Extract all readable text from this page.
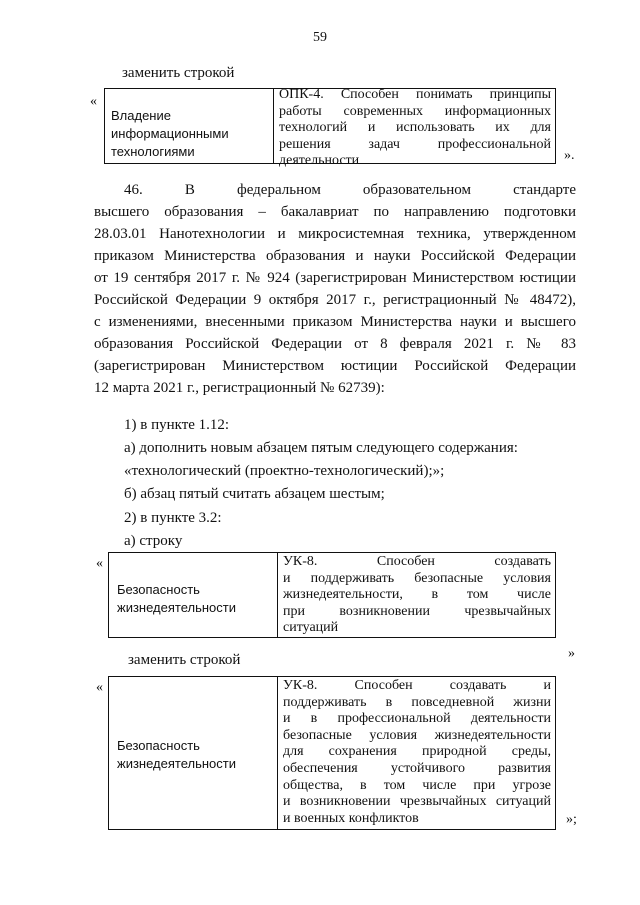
59
заменить строкой
«
Владение
информационными
технологиями
ОПК-4. Способен понимать принципы
работы современных информационных
технологий и использовать их для
решения задач профессиональной
деятельности	».
46. В федеральном образовательном стандарте
высшего образования – бакалавриат по направлению подготовки
28.03.01 Нанотехнологии и микросистемная техника, утвержденном
приказом Министерства образования и науки Российской Федерации
от 19 сентября 2017 г. № 924 (зарегистрирован Министерством юстиции
Российской Федерации 9 октября 2017 г., регистрационный № 48472),
с изменениями, внесенными приказом Министерства науки и высшего
образования Российской Федерации от 8 февраля 2021 г. № 83
(зарегистрирован Министерством юстиции Российской Федерации
12 марта 2021 г., регистрационный № 62739):
1) в пункте 1.12:
а) дополнить новым абзацем пятым следующего содержания:
«технологический (проектно-технологический);»;
б) абзац пятый считать абзацем шестым;
2) в пункте 3.2:
а) строку
«
Безопасность
жизнедеятельности
УК-8. Способен создавать
и поддерживать безопасные условия
жизнедеятельности, в том числе
при возникновении чрезвычайных
ситуаций
»
заменить строкой
«
Безопасность
жизнедеятельности
УК-8. Способен создавать и
поддерживать в повседневной жизни
и в профессиональной деятельности
безопасные условия жизнедеятельности
для сохранения природной среды,
обеспечения устойчивого развития
общества, в том числе при угрозе
и возникновении чрезвычайных ситуаций
и военных конфликтов	»;
